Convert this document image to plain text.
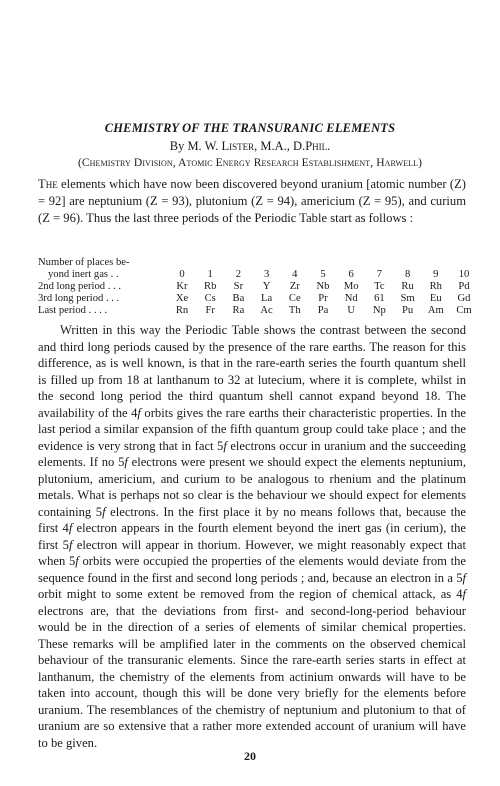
CHEMISTRY OF THE TRANSURANIC ELEMENTS
By M. W. Lister, M.A., D.Phil.
(Chemistry Division, Atomic Energy Research Establishment, Harwell)
The elements which have now been discovered beyond uranium [atomic number (Z) = 92] are neptunium (Z = 93), plutonium (Z = 94), americium (Z = 95), and curium (Z = 96). Thus the last three periods of the Periodic Table start as follows :
Number of places be-
yond inert gas . .	0	1	2	3	4	5	6	7	8	9	10
2nd long period . . .	Kr	Rb	Sr	Y	Zr	Nb	Mo	Tc	Ru	Rh	Pd
3rd long period . . .	Xe	Cs	Ba	La	Ce	Pr	Nd	61	Sm	Eu	Gd
Last period . . . .	Rn	Fr	Ra	Ac	Th	Pa	U	Np	Pu	Am	Cm

Written in this way the Periodic Table shows the contrast between the second and third long periods caused by the presence of the rare earths. The reason for this difference, as is well known, is that in the rare-earth series the fourth quantum shell is filled up from 18 at lanthanum to 32 at lutecium, where it is complete, whilst in the second long period the third quantum shell cannot expand beyond 18. The availability of the 4f orbits gives the rare earths their characteristic properties. In the last period a similar expansion of the fifth quantum group could take place ; and the evidence is very strong that in fact 5f electrons occur in uranium and the succeeding elements. If no 5f electrons were present we should expect the elements neptunium, plutonium, americium, and curium to be analogous to rhenium and the platinum metals. What is perhaps not so clear is the behaviour we should expect for elements containing 5f electrons. In the first place it by no means follows that, because the first 4f electron appears in the fourth element beyond the inert gas (in cerium), the first 5f electron will appear in thorium. However, we might reasonably expect that when 5f orbits were occupied the properties of the elements would deviate from the sequence found in the first and second long periods ; and, because an electron in a 5f orbit might to some extent be removed from the region of chemical attack, as 4f electrons are, that the deviations from first- and second-long-period behaviour would be in the direction of a series of elements of similar chemical properties. These remarks will be amplified later in the comments on the observed chemical behaviour of the transuranic elements. Since the rare-earth series starts in effect at lanthanum, the chemistry of the elements from actinium onwards will have to be taken into account, though this will be done very briefly for the elements before uranium. The resemblances of the chemistry of neptunium and plutonium to that of uranium are so extensive that a rather more extended account of uranium will have to be given.

20
